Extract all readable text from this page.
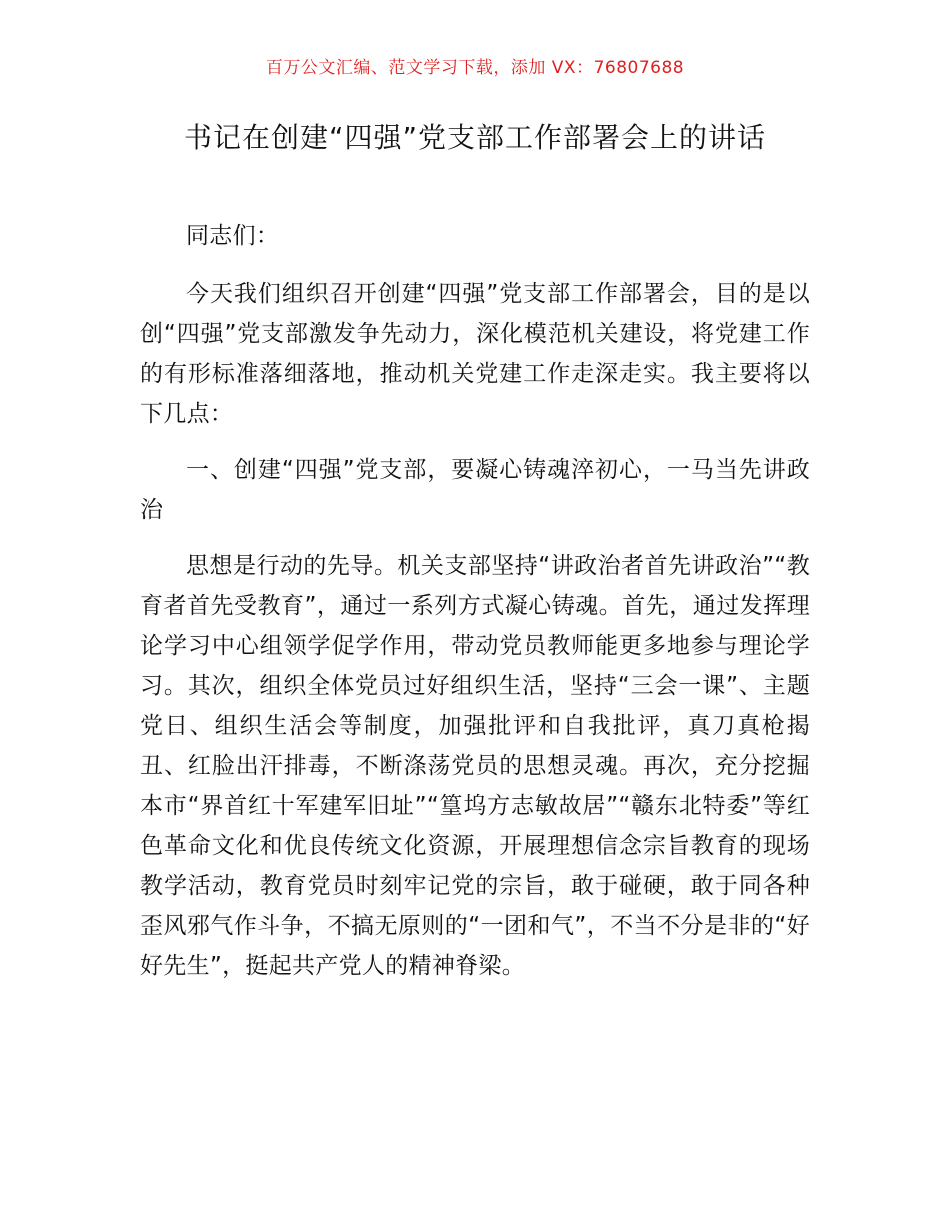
百万公文汇编、范文学习下载，添加 VX：76807688
书记在创建“四强”党支部工作部署会上的讲话

同志们：

今天我们组织召开创建“四强”党支部工作部署会，目的是以创“四强”党支部激发争先动力，深化模范机关建设，将党建工作的有形标准落细落地，推动机关党建工作走深走实。我主要将以下几点：

一、创建“四强”党支部，要凝心铸魂淬初心，一马当先讲政治

思想是行动的先导。机关支部坚持“讲政治者首先讲政治”“教育者首先受教育”，通过一系列方式凝心铸魂。首先，通过发挥理论学习中心组领学促学作用，带动党员教师能更多地参与理论学习。其次，组织全体党员过好组织生活，坚持“三会一课”、主题党日、组织生活会等制度，加强批评和自我批评，真刀真枪揭丑、红脸出汗排毒，不断涤荡党员的思想灵魂。再次，充分挖掘本市“界首红十军建军旧址”“篁坞方志敏故居”“赣东北特委”等红色革命文化和优良传统文化资源，开展理想信念宗旨教育的现场教学活动，教育党员时刻牢记党的宗旨，敢于碰硬，敢于同各种歪风邪气作斗争，不搞无原则的“一团和气”，不当不分是非的“好好先生”，挺起共产党人的精神脊梁。
